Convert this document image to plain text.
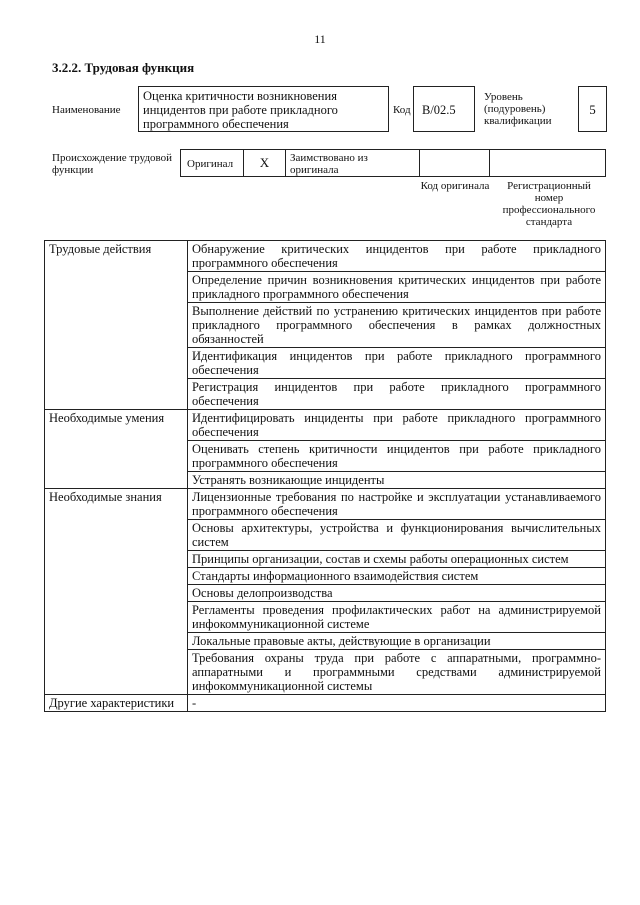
11
3.2.2. Трудовая функция
Наименование
Оценка критичности возникновения инцидентов при работе прикладного программного обеспечения
Код B/02.5
Уровень (подуровень) квалификации
5
Происхождение трудовой функции	Оригинал	X	Заимствовано из оригинала
Код оригинала	Регистрационный номер профессионального стандарта
Трудовые действия	Обнаружение критических инцидентов при работе прикладного программного обеспечения
	Определение причин возникновения критических инцидентов при работе прикладного программного обеспечения
	Выполнение действий по устранению критических инцидентов при работе прикладного программного обеспечения в рамках должностных обязанностей
	Идентификация инцидентов при работе прикладного программного обеспечения
	Регистрация инцидентов при работе прикладного программного обеспечения
Необходимые умения	Идентифицировать инциденты при работе прикладного программного обеспечения
	Оценивать степень критичности инцидентов при работе прикладного программного обеспечения
	Устранять возникающие инциденты
Необходимые знания	Лицензионные требования по настройке и эксплуатации устанавливаемого программного обеспечения
	Основы архитектуры, устройства и функционирования вычислительных систем
	Принципы организации, состав и схемы работы операционных систем
	Стандарты информационного взаимодействия систем
	Основы делопроизводства
	Регламенты проведения профилактических работ на администрируемой инфокоммуникационной системе
	Локальные правовые акты, действующие в организации
	Требования охраны труда при работе с аппаратными, программно-аппаратными и программными средствами администрируемой инфокоммуникационной системы
Другие характеристики	-
